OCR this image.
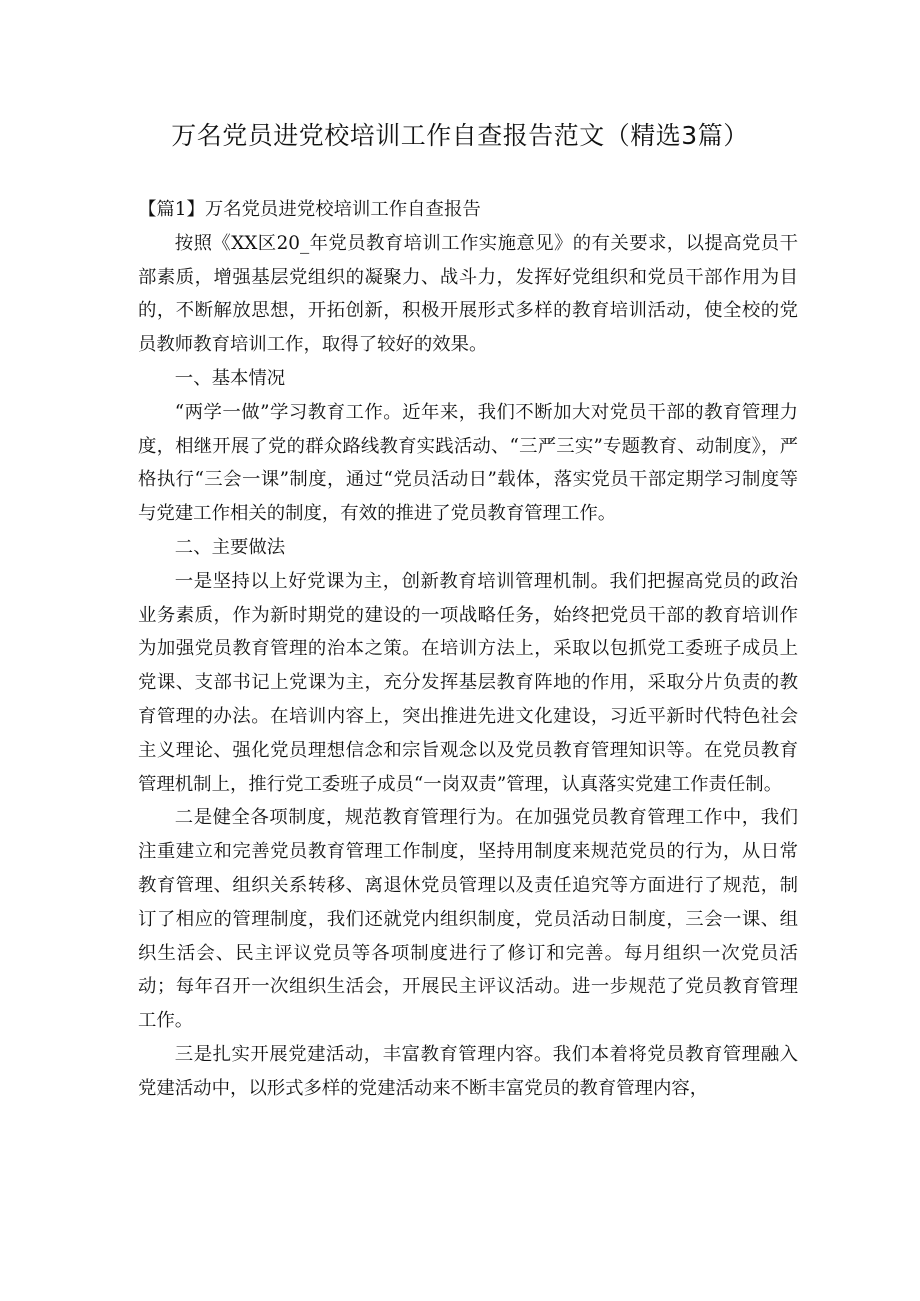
万名党员进党校培训工作自查报告范文（精选3篇）

【篇1】万名党员进党校培训工作自查报告

按照《XX区20_年党员教育培训工作实施意见》的有关要求，以提高党员干部素质，增强基层党组织的凝聚力、战斗力，发挥好党组织和党员干部作用为目的，不断解放思想，开拓创新，积极开展形式多样的教育培训活动，使全校的党员教师教育培训工作，取得了较好的效果。

一、基本情况

“两学一做”学习教育工作。近年来，我们不断加大对党员干部的教育管理力度，相继开展了党的群众路线教育实践活动、“三严三实”专题教育、动制度》，严格执行“三会一课”制度，通过“党员活动日”载体，落实党员干部定期学习制度等与党建工作相关的制度，有效的推进了党员教育管理工作。

二、主要做法

一是坚持以上好党课为主，创新教育培训管理机制。我们把握高党员的政治业务素质，作为新时期党的建设的一项战略任务，始终把党员干部的教育培训作为加强党员教育管理的治本之策。在培训方法上，采取以包抓党工委班子成员上党课、支部书记上党课为主，充分发挥基层教育阵地的作用，采取分片负责的教育管理的办法。在培训内容上，突出推进先进文化建设，习近平新时代特色社会主义理论、强化党员理想信念和宗旨观念以及党员教育管理知识等。在党员教育管理机制上，推行党工委班子成员“一岗双责”管理，认真落实党建工作责任制。

二是健全各项制度，规范教育管理行为。在加强党员教育管理工作中，我们注重建立和完善党员教育管理工作制度，坚持用制度来规范党员的行为，从日常教育管理、组织关系转移、离退休党员管理以及责任追究等方面进行了规范，制订了相应的管理制度，我们还就党内组织制度，党员活动日制度，三会一课、组织生活会、民主评议党员等各项制度进行了修订和完善。每月组织一次党员活动；每年召开一次组织生活会，开展民主评议活动。进一步规范了党员教育管理工作。

三是扎实开展党建活动，丰富教育管理内容。我们本着将党员教育管理融入党建活动中，以形式多样的党建活动来不断丰富党员的教育管理内容，
